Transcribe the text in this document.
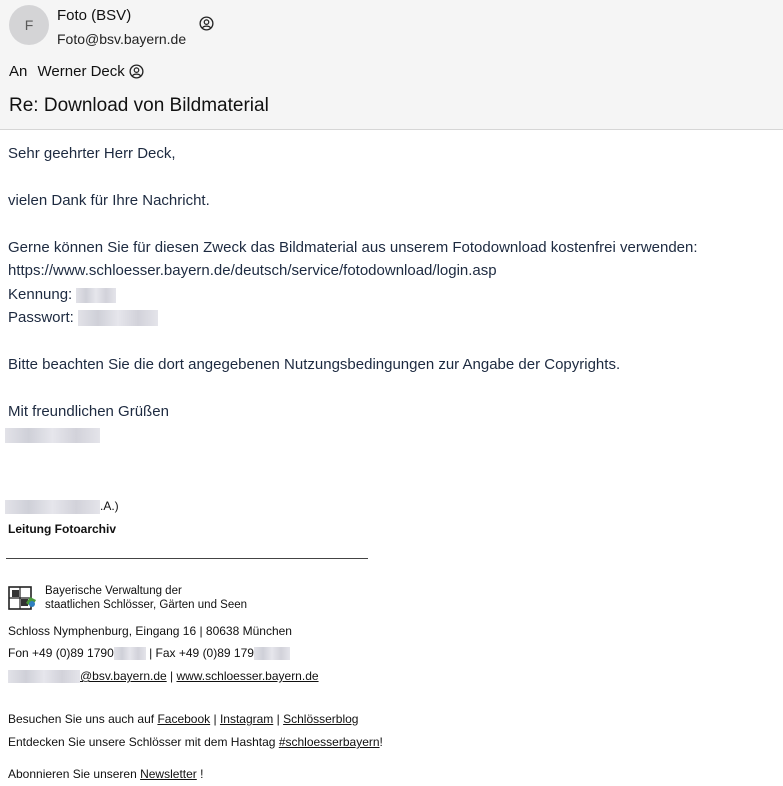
F
Foto (BSV)
Foto@bsv.bayern.de
An Werner Deck
Re: Download von Bildmaterial
Sehr geehrter Herr Deck,
vielen Dank für Ihre Nachricht.
Gerne können Sie für diesen Zweck das Bildmaterial aus unserem Fotodownload kostenfrei verwenden:
https://www.schloesser.bayern.de/deutsch/service/fotodownload/login.asp
Kennung:
Passwort:
Bitte beachten Sie die dort angegebenen Nutzungsbedingungen zur Angabe der Copyrights.
Mit freundlichen Grüßen
.A.)
Leitung Fotoarchiv
Bayerische Verwaltung der
staatlichen Schlösser, Gärten und Seen
Schloss Nymphenburg, Eingang 16 | 80638 München
Fon +49 (0)89 1790	| Fax +49 (0)89 179
@bsv.bayern.de | www.schloesser.bayern.de
Besuchen Sie uns auch auf Facebook | Instagram | Schlösserblog
Entdecken Sie unsere Schlösser mit dem Hashtag #schloesserbayern!
Abonnieren Sie unseren Newsletter !
